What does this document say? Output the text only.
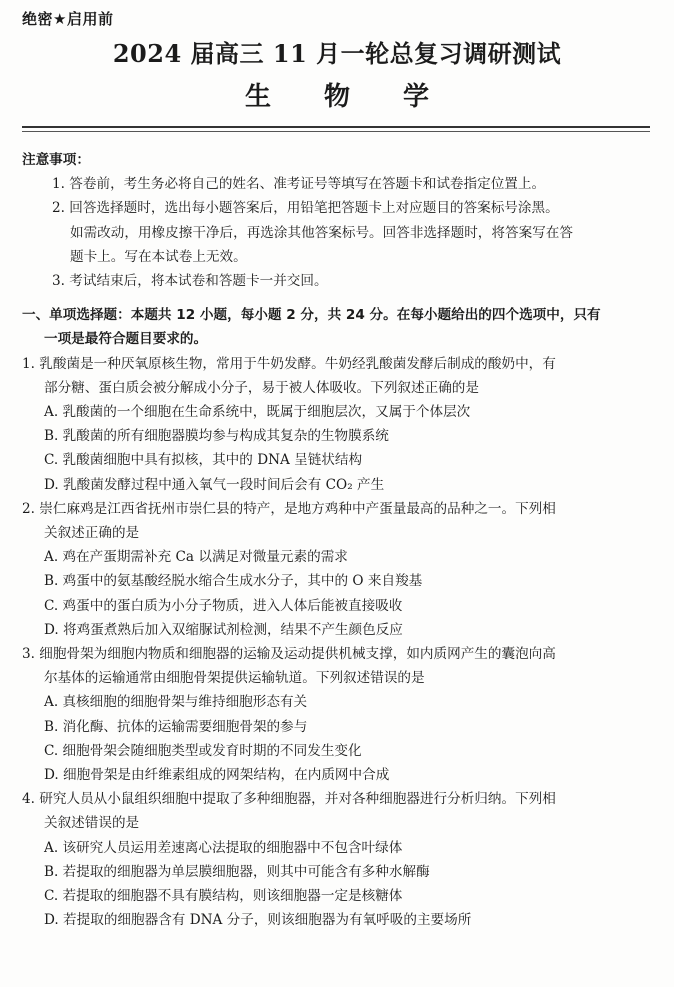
绝密★启用前
2024 届高三 11 月一轮总复习调研测试
生 物 学
注意事项：
1. 答卷前，考生务必将自己的姓名、准考证号等填写在答题卡和试卷指定位置上。
2. 回答选择题时，选出每小题答案后，用铅笔把答题卡上对应题目的答案标号涂黑。
如需改动，用橡皮擦干净后，再选涂其他答案标号。回答非选择题时，将答案写在答
题卡上。写在本试卷上无效。
3. 考试结束后，将本试卷和答题卡一并交回。
一、单项选择题：本题共 12 小题，每小题 2 分，共 24 分。在每小题给出的四个选项中，只有
一项是最符合题目要求的。
1. 乳酸菌是一种厌氧原核生物，常用于牛奶发酵。牛奶经乳酸菌发酵后制成的酸奶中，有
部分糖、蛋白质会被分解成小分子，易于被人体吸收。下列叙述正确的是
A. 乳酸菌的一个细胞在生命系统中，既属于细胞层次，又属于个体层次
B. 乳酸菌的所有细胞器膜均参与构成其复杂的生物膜系统
C. 乳酸菌细胞中具有拟核，其中的 DNA 呈链状结构
D. 乳酸菌发酵过程中通入氧气一段时间后会有 CO₂ 产生
2. 崇仁麻鸡是江西省抚州市崇仁县的特产，是地方鸡种中产蛋量最高的品种之一。下列相
关叙述正确的是
A. 鸡在产蛋期需补充 Ca 以满足对微量元素的需求
B. 鸡蛋中的氨基酸经脱水缩合生成水分子，其中的 O 来自羧基
C. 鸡蛋中的蛋白质为小分子物质，进入人体后能被直接吸收
D. 将鸡蛋煮熟后加入双缩脲试剂检测，结果不产生颜色反应
3. 细胞骨架为细胞内物质和细胞器的运输及运动提供机械支撑，如内质网产生的囊泡向高
尔基体的运输通常由细胞骨架提供运输轨道。下列叙述错误的是
A. 真核细胞的细胞骨架与维持细胞形态有关
B. 消化酶、抗体的运输需要细胞骨架的参与
C. 细胞骨架会随细胞类型或发育时期的不同发生变化
D. 细胞骨架是由纤维素组成的网架结构，在内质网中合成
4. 研究人员从小鼠组织细胞中提取了多种细胞器，并对各种细胞器进行分析归纳。下列相
关叙述错误的是
A. 该研究人员运用差速离心法提取的细胞器中不包含叶绿体
B. 若提取的细胞器为单层膜细胞器，则其中可能含有多种水解酶
C. 若提取的细胞器不具有膜结构，则该细胞器一定是核糖体
D. 若提取的细胞器含有 DNA 分子，则该细胞器为有氧呼吸的主要场所
